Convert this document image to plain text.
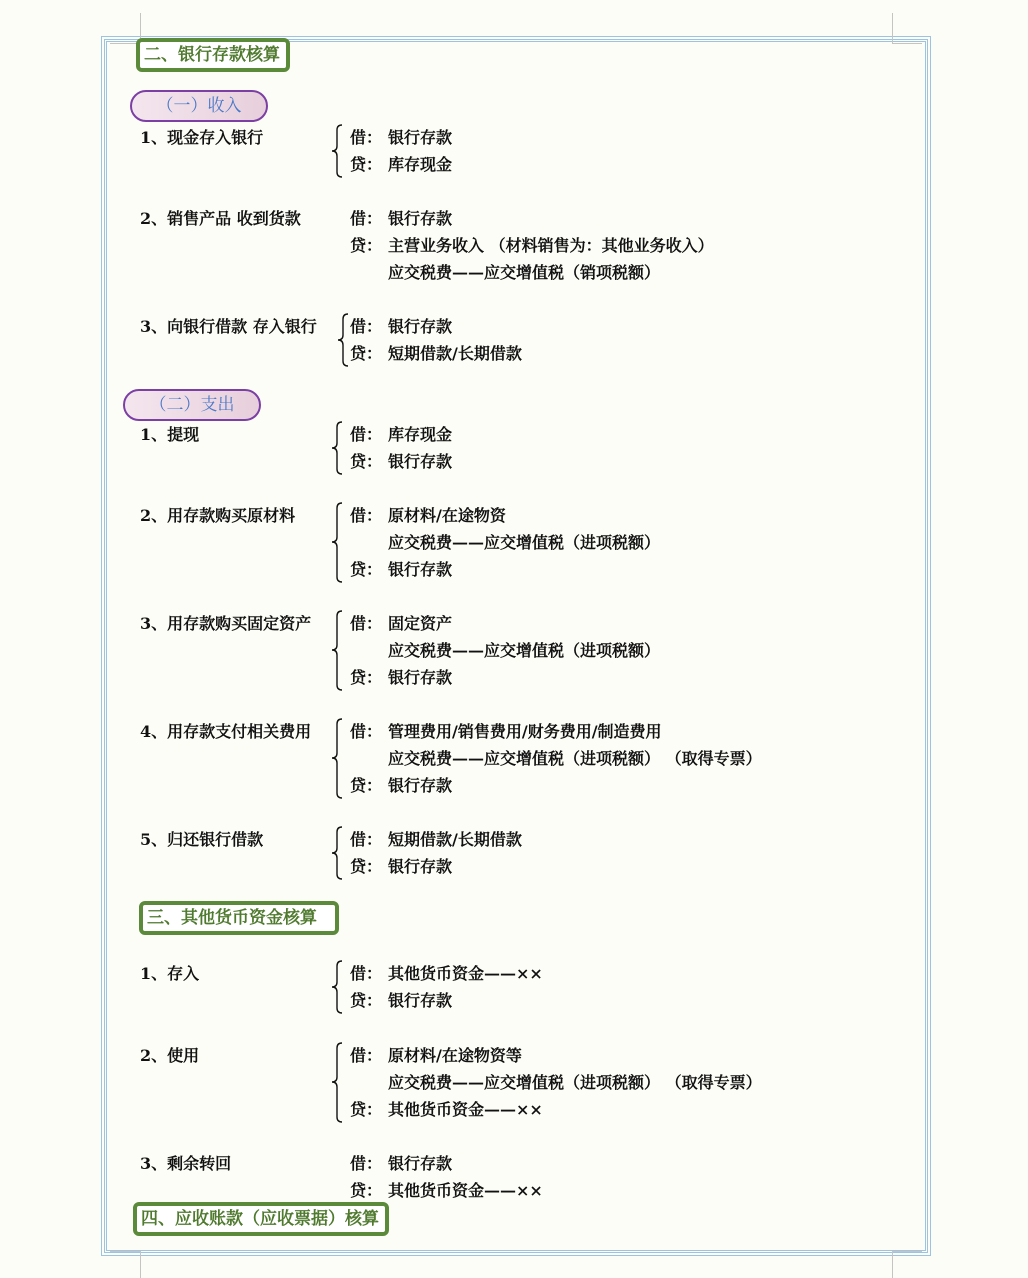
二、银行存款核算
（一）收入
1、现金存入银行	借： 银行存款
贷： 库存现金
2、销售产品 收到货款	借： 银行存款
贷： 主营业务收入 （材料销售为：其他业务收入）
应交税费——应交增值税（销项税额）
3、向银行借款 存入银行 借： 银行存款
贷： 短期借款/长期借款
（二）支出
1、提现	借： 库存现金
贷： 银行存款
2、用存款购买原材料	借： 原材料/在途物资
应交税费——应交增值税（进项税额）
贷： 银行存款
3、用存款购买固定资产 借： 固定资产
应交税费——应交增值税（进项税额）
贷： 银行存款
4、用存款支付相关费用 借： 管理费用/销售费用/财务费用/制造费用
应交税费——应交增值税（进项税额） （取得专票）
贷： 银行存款
5、归还银行借款	借： 短期借款/长期借款
贷： 银行存款
三、其他货币资金核算
1、存入	借： 其他货币资金——××
贷： 银行存款
2、使用	借： 原材料/在途物资等
应交税费——应交增值税（进项税额） （取得专票）
贷： 其他货币资金——××
3、剩余转回	借： 银行存款
贷： 其他货币资金——××
四、应收账款（应收票据）核算
